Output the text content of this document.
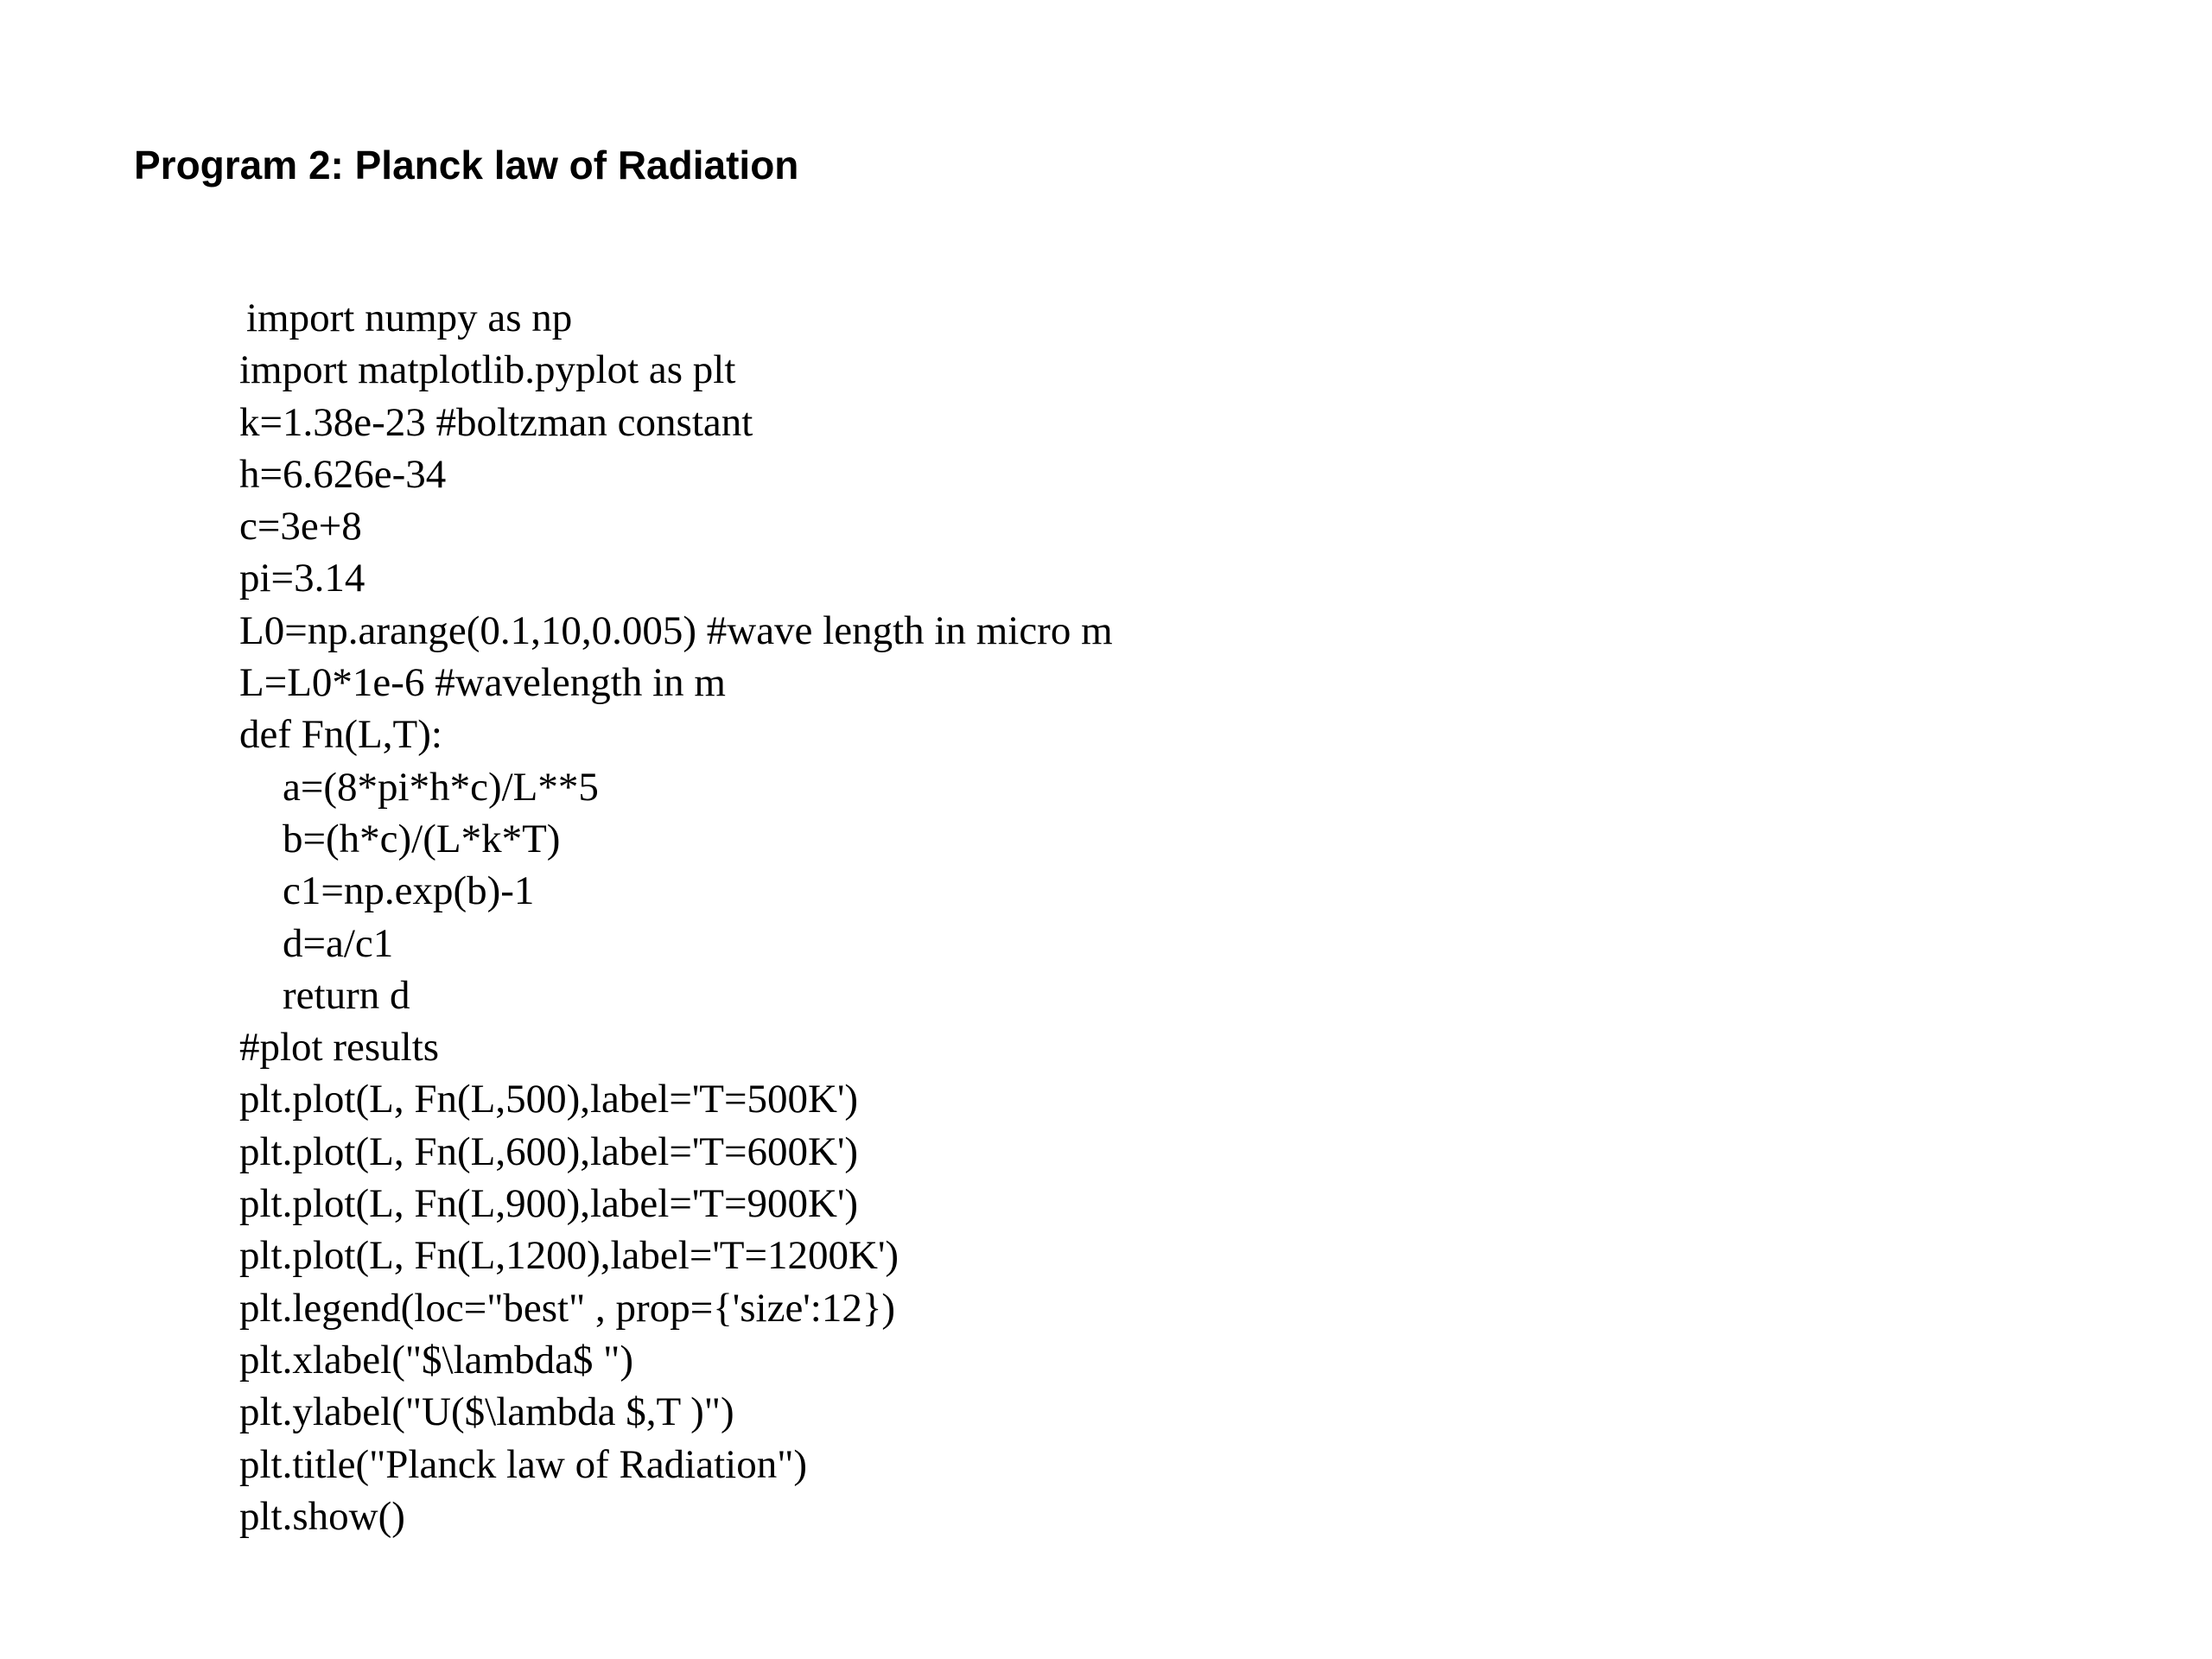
Program 2: Planck law of Radiation
import numpy as np
import matplotlib.pyplot as plt
k=1.38e-23 #boltzman constant
h=6.626e-34
c=3e+8
pi=3.14
L0=np.arange(0.1,10,0.005) #wave length in micro m
L=L0*1e-6 #wavelength in m
def Fn(L,T):
a=(8*pi*h*c)/L**5
b=(h*c)/(L*k*T)
c1=np.exp(b)-1
d=a/c1
return d
#plot results
plt.plot(L, Fn(L,500),label='T=500K')
plt.plot(L, Fn(L,600),label='T=600K')
plt.plot(L, Fn(L,900),label='T=900K')
plt.plot(L, Fn(L,1200),label='T=1200K')
plt.legend(loc="best" , prop={'size':12})
plt.xlabel("$\lambda$ ")
plt.ylabel("U($\lambda $,T )")
plt.title("Planck law of Radiation")
plt.show()
